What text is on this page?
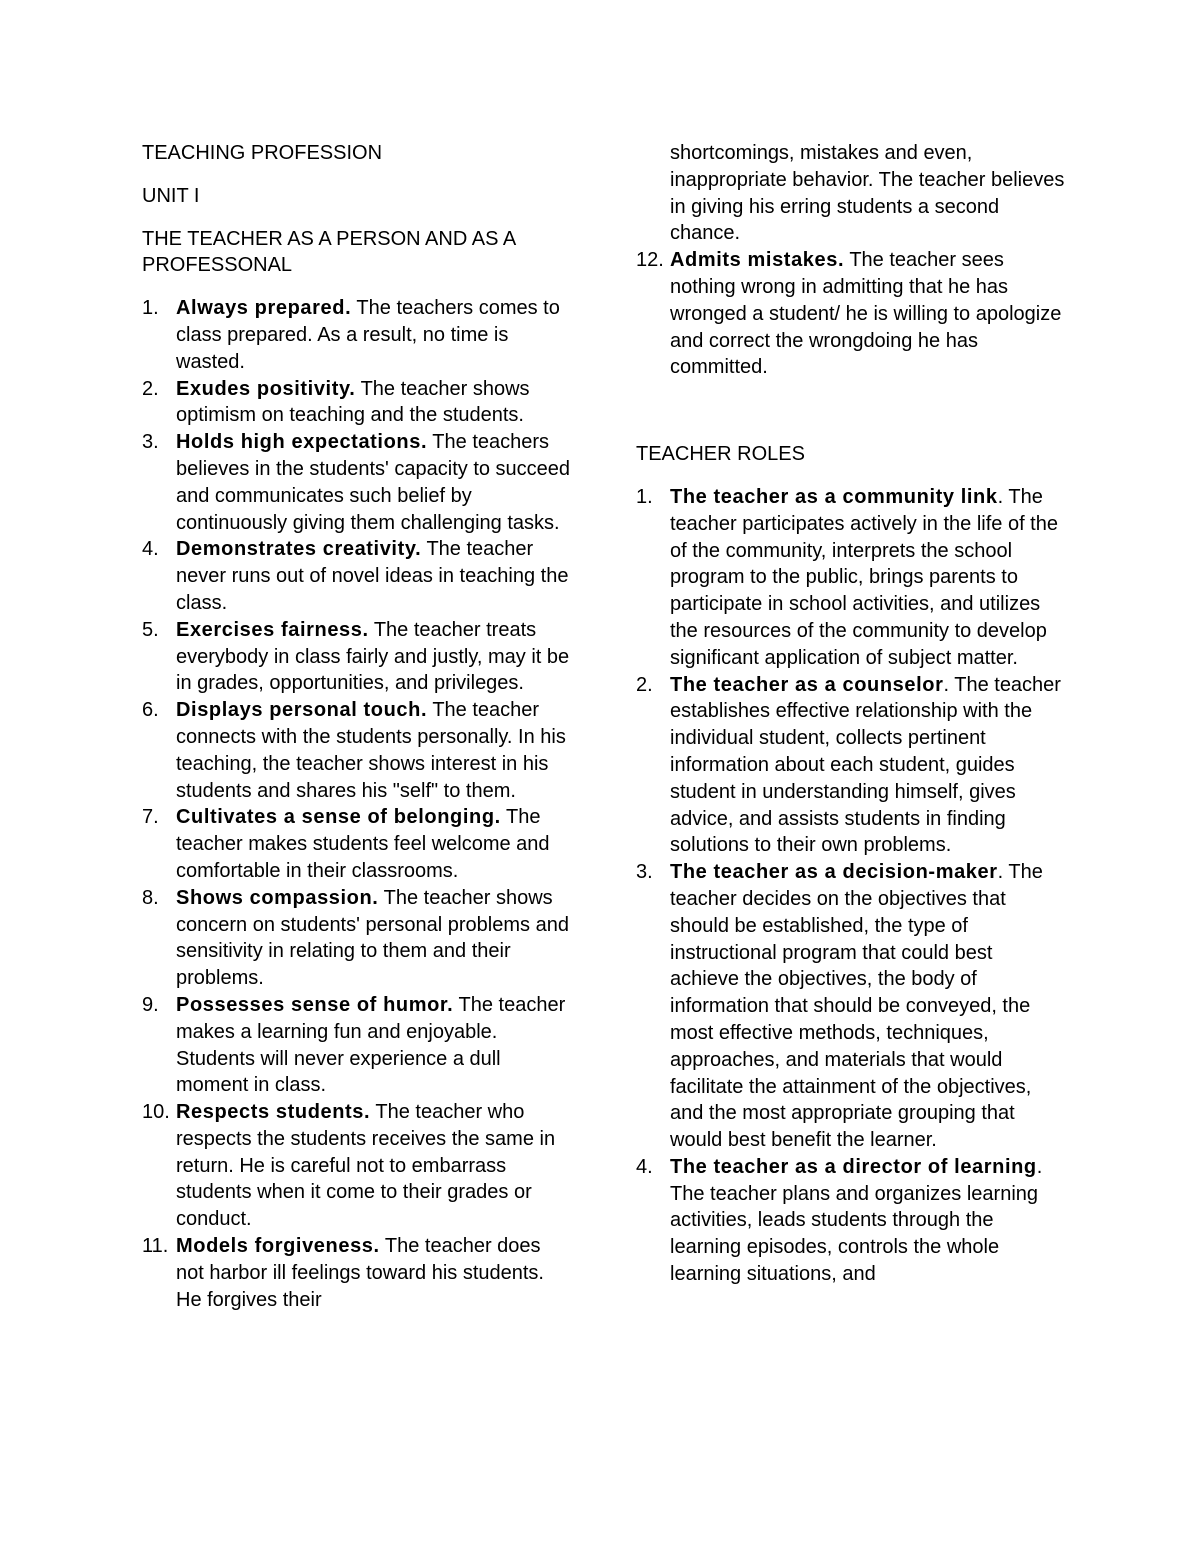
TEACHING PROFESSION

UNIT I

THE TEACHER AS A PERSON AND AS A PROFESSONAL

1. Always prepared. The teachers comes to class prepared. As a result, no time is wasted.
2. Exudes positivity. The teacher shows optimism on teaching and the students.
3. Holds high expectations. The teachers believes in the students' capacity to succeed and communicates such belief by continuously giving them challenging tasks.
4. Demonstrates creativity. The teacher never runs out of novel ideas in teaching the class.
5. Exercises fairness. The teacher treats everybody in class fairly and justly, may it be in grades, opportunities, and privileges.
6. Displays personal touch. The teacher connects with the students personally. In his teaching, the teacher shows interest in his students and shares his "self" to them.
7. Cultivates a sense of belonging. The teacher makes students feel welcome and comfortable in their classrooms.
8. Shows compassion. The teacher shows concern on students' personal problems and sensitivity in relating to them and their problems.
9. Possesses sense of humor. The teacher makes a learning fun and enjoyable. Students will never experience a dull moment in class.
10. Respects students. The teacher who respects the students receives the same in return. He is careful not to embarrass students when it come to their grades or conduct.
11. Models forgiveness. The teacher does not harbor ill feelings toward his students. He forgives their

shortcomings, mistakes and even, inappropriate behavior. The teacher believes in giving his erring students a second chance.

12. Admits mistakes. The teacher sees nothing wrong in admitting that he has wronged a student/ he is willing to apologize and correct the wrongdoing he has committed.

TEACHER ROLES

1. The teacher as a community link. The teacher participates actively in the life of the of the community, interprets the school program to the public, brings parents to participate in school activities, and utilizes the resources of the community to develop significant application of subject matter.
2. The teacher as a counselor. The teacher establishes effective relationship with the individual student, collects pertinent information about each student, guides student in understanding himself, gives advice, and assists students in finding solutions to their own problems.
3. The teacher as a decision-maker. The teacher decides on the objectives that should be established, the type of instructional program that could best achieve the objectives, the body of information that should be conveyed, the most effective methods, techniques, approaches, and materials that would facilitate the attainment of the objectives, and the most appropriate grouping that would best benefit the learner.
4. The teacher as a director of learning. The teacher plans and organizes learning activities, leads students through the learning episodes, controls the whole learning situations, and
